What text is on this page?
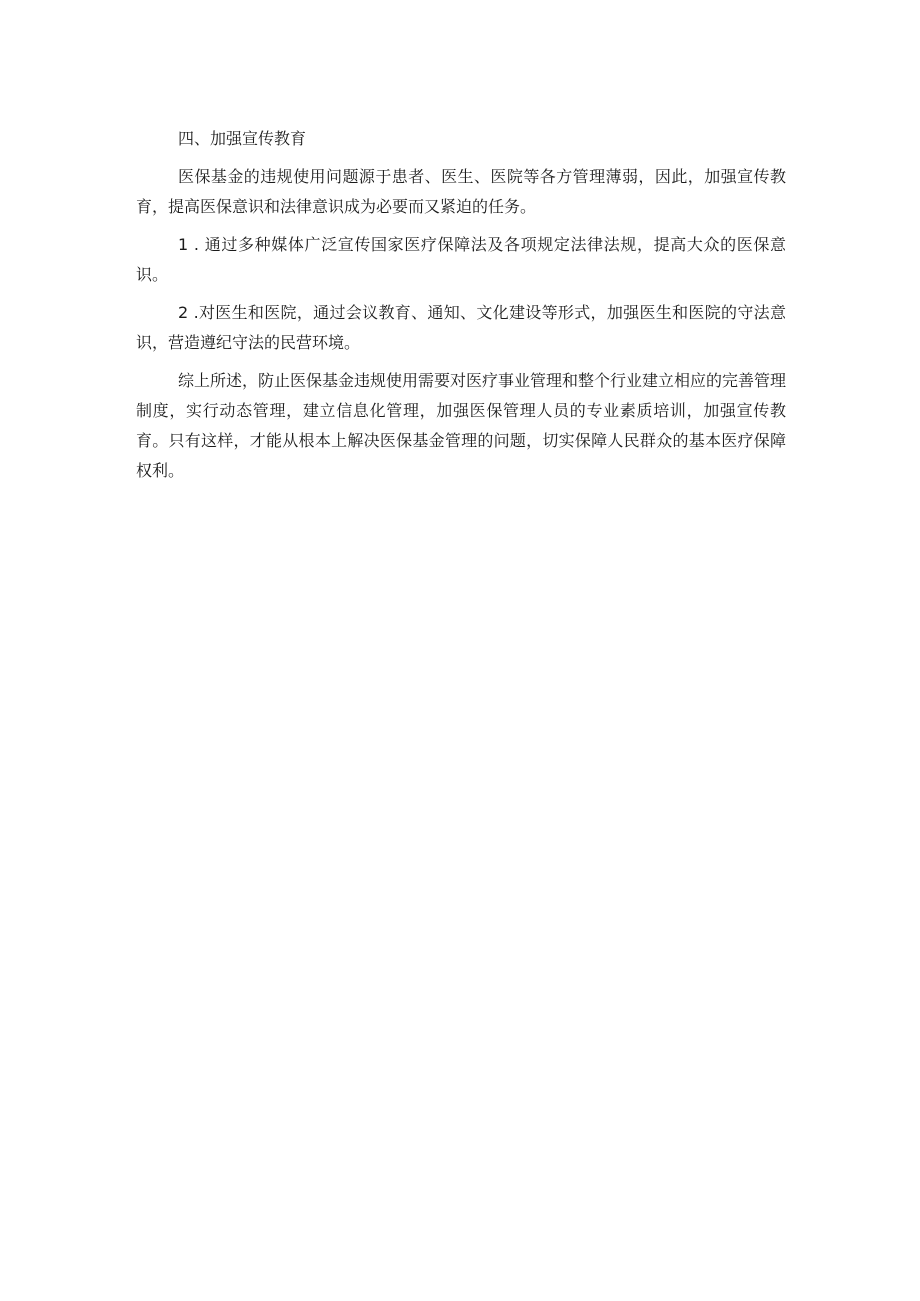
四、加强宣传教育

医保基金的违规使用问题源于患者、医生、医院等各方管理薄弱，因此，加强宣传教育，提高医保意识和法律意识成为必要而又紧迫的任务。

1 . 通过多种媒体广泛宣传国家医疗保障法及各项规定法律法规，提高大众的医保意识。

2 .对医生和医院，通过会议教育、通知、文化建设等形式，加强医生和医院的守法意识，营造遵纪守法的民营环境。

综上所述，防止医保基金违规使用需要对医疗事业管理和整个行业建立相应的完善管理制度，实行动态管理，建立信息化管理，加强医保管理人员的专业素质培训，加强宣传教育。只有这样，才能从根本上解决医保基金管理的问题，切实保障人民群众的基本医疗保障权利。
